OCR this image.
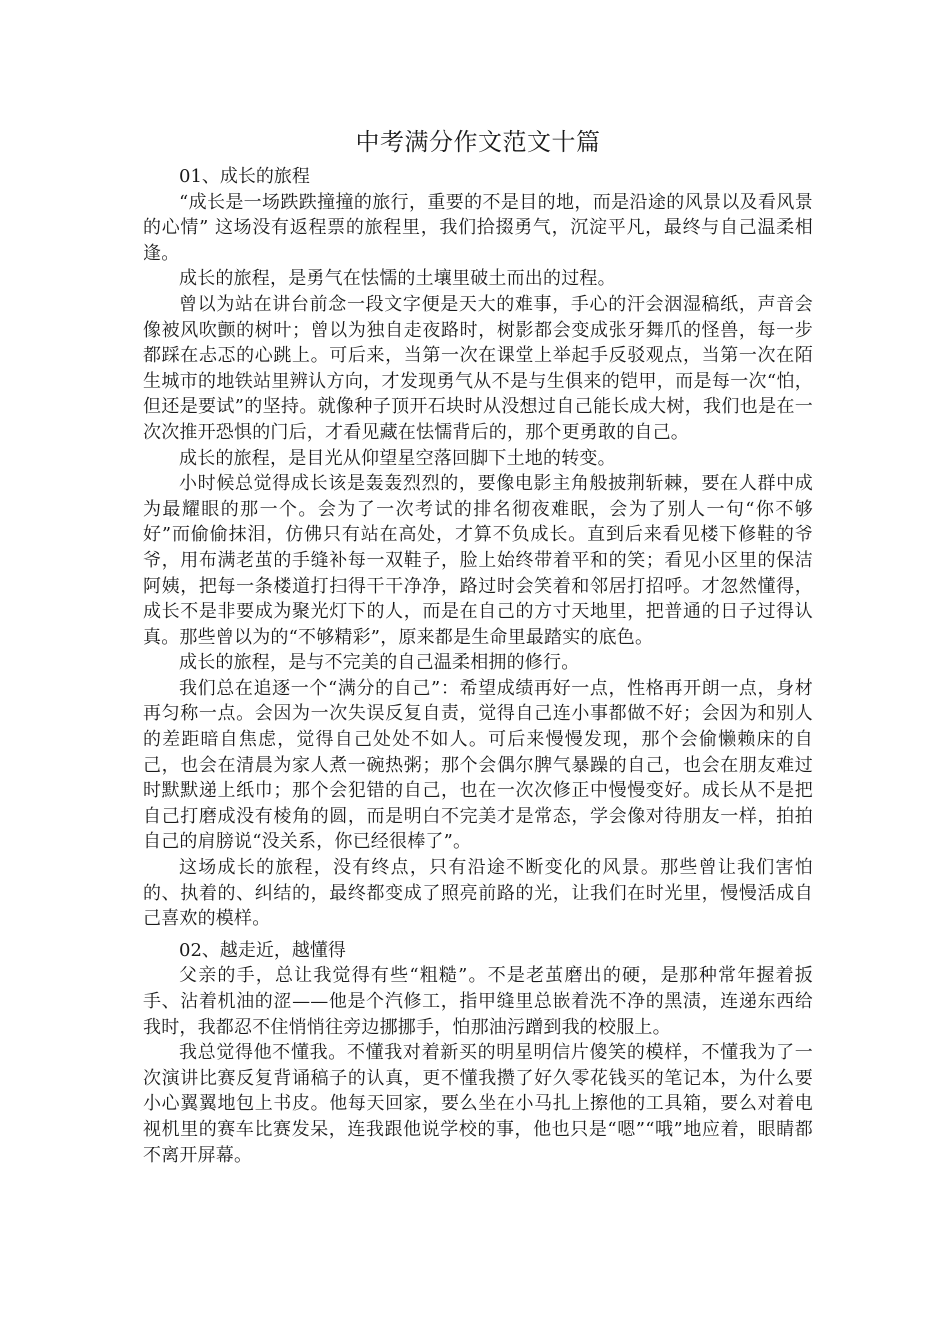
中考满分作文范文十篇

01、成长的旅程

“成长是一场跌跌撞撞的旅行，重要的不是目的地，而是沿途的风景以及看风景的心情” 这场没有返程票的旅程里，我们拾掇勇气，沉淀平凡，最终与自己温柔相逢。

成长的旅程，是勇气在怯懦的土壤里破土而出的过程。

曾以为站在讲台前念一段文字便是天大的难事，手心的汗会洇湿稿纸，声音会像被风吹颤的树叶；曾以为独自走夜路时，树影都会变成张牙舞爪的怪兽，每一步都踩在忐忑的心跳上。可后来，当第一次在课堂上举起手反驳观点，当第一次在陌生城市的地铁站里辨认方向，才发现勇气从不是与生俱来的铠甲，而是每一次“怕，但还是要试”的坚持。就像种子顶开石块时从没想过自己能长成大树，我们也是在一次次推开恐惧的门后，才看见藏在怯懦背后的，那个更勇敢的自己。

成长的旅程，是目光从仰望星空落回脚下土地的转变。

小时候总觉得成长该是轰轰烈烈的，要像电影主角般披荆斩棘，要在人群中成为最耀眼的那一个。会为了一次考试的排名彻夜难眠，会为了别人一句“你不够好”而偷偷抹泪，仿佛只有站在高处，才算不负成长。直到后来看见楼下修鞋的爷爷，用布满老茧的手缝补每一双鞋子，脸上始终带着平和的笑；看见小区里的保洁阿姨，把每一条楼道打扫得干干净净，路过时会笑着和邻居打招呼。才忽然懂得，成长不是非要成为聚光灯下的人，而是在自己的方寸天地里，把普通的日子过得认真。那些曾以为的“不够精彩”，原来都是生命里最踏实的底色。

成长的旅程，是与不完美的自己温柔相拥的修行。

我们总在追逐一个“满分的自己”：希望成绩再好一点，性格再开朗一点，身材再匀称一点。会因为一次失误反复自责，觉得自己连小事都做不好；会因为和别人的差距暗自焦虑，觉得自己处处不如人。可后来慢慢发现，那个会偷懒赖床的自己，也会在清晨为家人煮一碗热粥；那个会偶尔脾气暴躁的自己，也会在朋友难过时默默递上纸巾；那个会犯错的自己，也在一次次修正中慢慢变好。成长从不是把自己打磨成没有棱角的圆，而是明白不完美才是常态，学会像对待朋友一样，拍拍自己的肩膀说“没关系，你已经很棒了”。

这场成长的旅程，没有终点，只有沿途不断变化的风景。那些曾让我们害怕的、执着的、纠结的，最终都变成了照亮前路的光，让我们在时光里，慢慢活成自己喜欢的模样。

02、越走近，越懂得

父亲的手，总让我觉得有些“粗糙”。不是老茧磨出的硬，是那种常年握着扳手、沾着机油的涩——他是个汽修工，指甲缝里总嵌着洗不净的黑渍，连递东西给我时，我都忍不住悄悄往旁边挪挪手，怕那油污蹭到我的校服上。

我总觉得他不懂我。不懂我对着新买的明星明信片傻笑的模样，不懂我为了一次演讲比赛反复背诵稿子的认真，更不懂我攒了好久零花钱买的笔记本，为什么要小心翼翼地包上书皮。他每天回家，要么坐在小马扎上擦他的工具箱，要么对着电视机里的赛车比赛发呆，连我跟他说学校的事，他也只是“嗯”“哦”地应着，眼睛都不离开屏幕。
